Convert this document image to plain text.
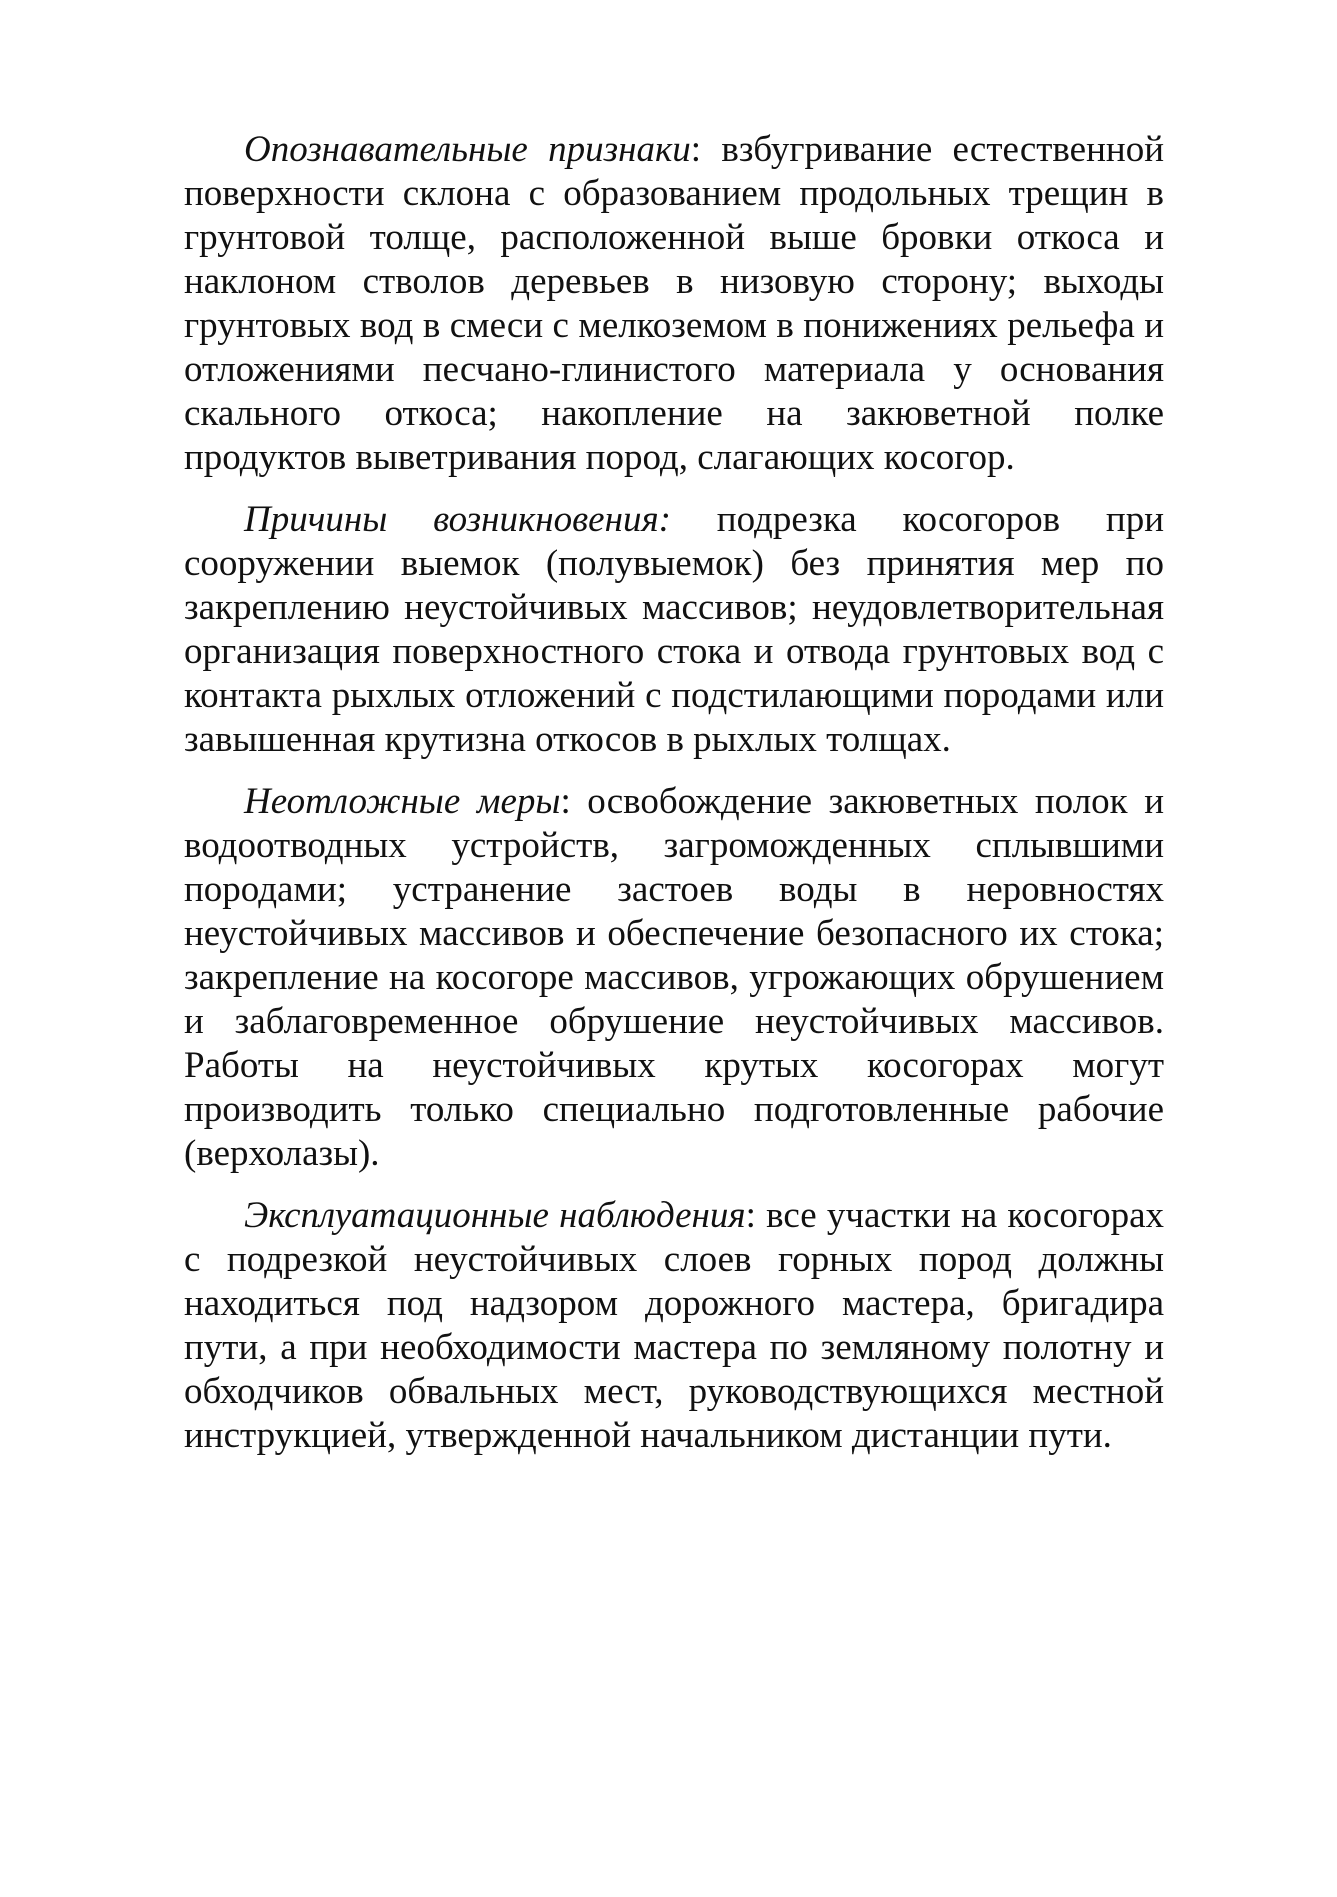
Опознавательные признаки: взбугривание естественной поверхности склона с образованием продольных трещин в грунтовой толще, расположенной выше бровки откоса и наклоном стволов деревьев в низовую сторону; выходы грунтовых вод в смеси с мелкоземом в понижениях рельефа и отложениями песчано-глинистого материала у основания скального откоса; накопление на закюветной полке продуктов выветривания пород, слагающих косогор.

Причины возникновения: подрезка косогоров при сооружении выемок (полувыемок) без принятия мер по закреплению неустойчивых массивов; неудовлетворительная организация поверхностного стока и отвода грунтовых вод с контакта рыхлых отложений с подстилающими породами или завышенная крутизна откосов в рыхлых толщах.

Неотложные меры: освобождение закюветных полок и водоотводных устройств, загроможденных сплывшими породами; устранение застоев воды в неровностях неустойчивых массивов и обеспечение безопасного их стока; закрепление на косогоре массивов, угрожающих обрушением и заблаговременное обрушение неустойчивых массивов. Работы на неустойчивых крутых косогорах могут производить только специально подготовленные рабочие (верхолазы).

Эксплуатационные наблюдения: все участки на косогорах с подрезкой неустойчивых слоев горных пород должны находиться под надзором дорожного мастера, бригадира пути, а при необходимости мастера по земляному полотну и обходчиков обвальных мест, руководствующихся местной инструкцией, утвержденной начальником дистанции пути.
